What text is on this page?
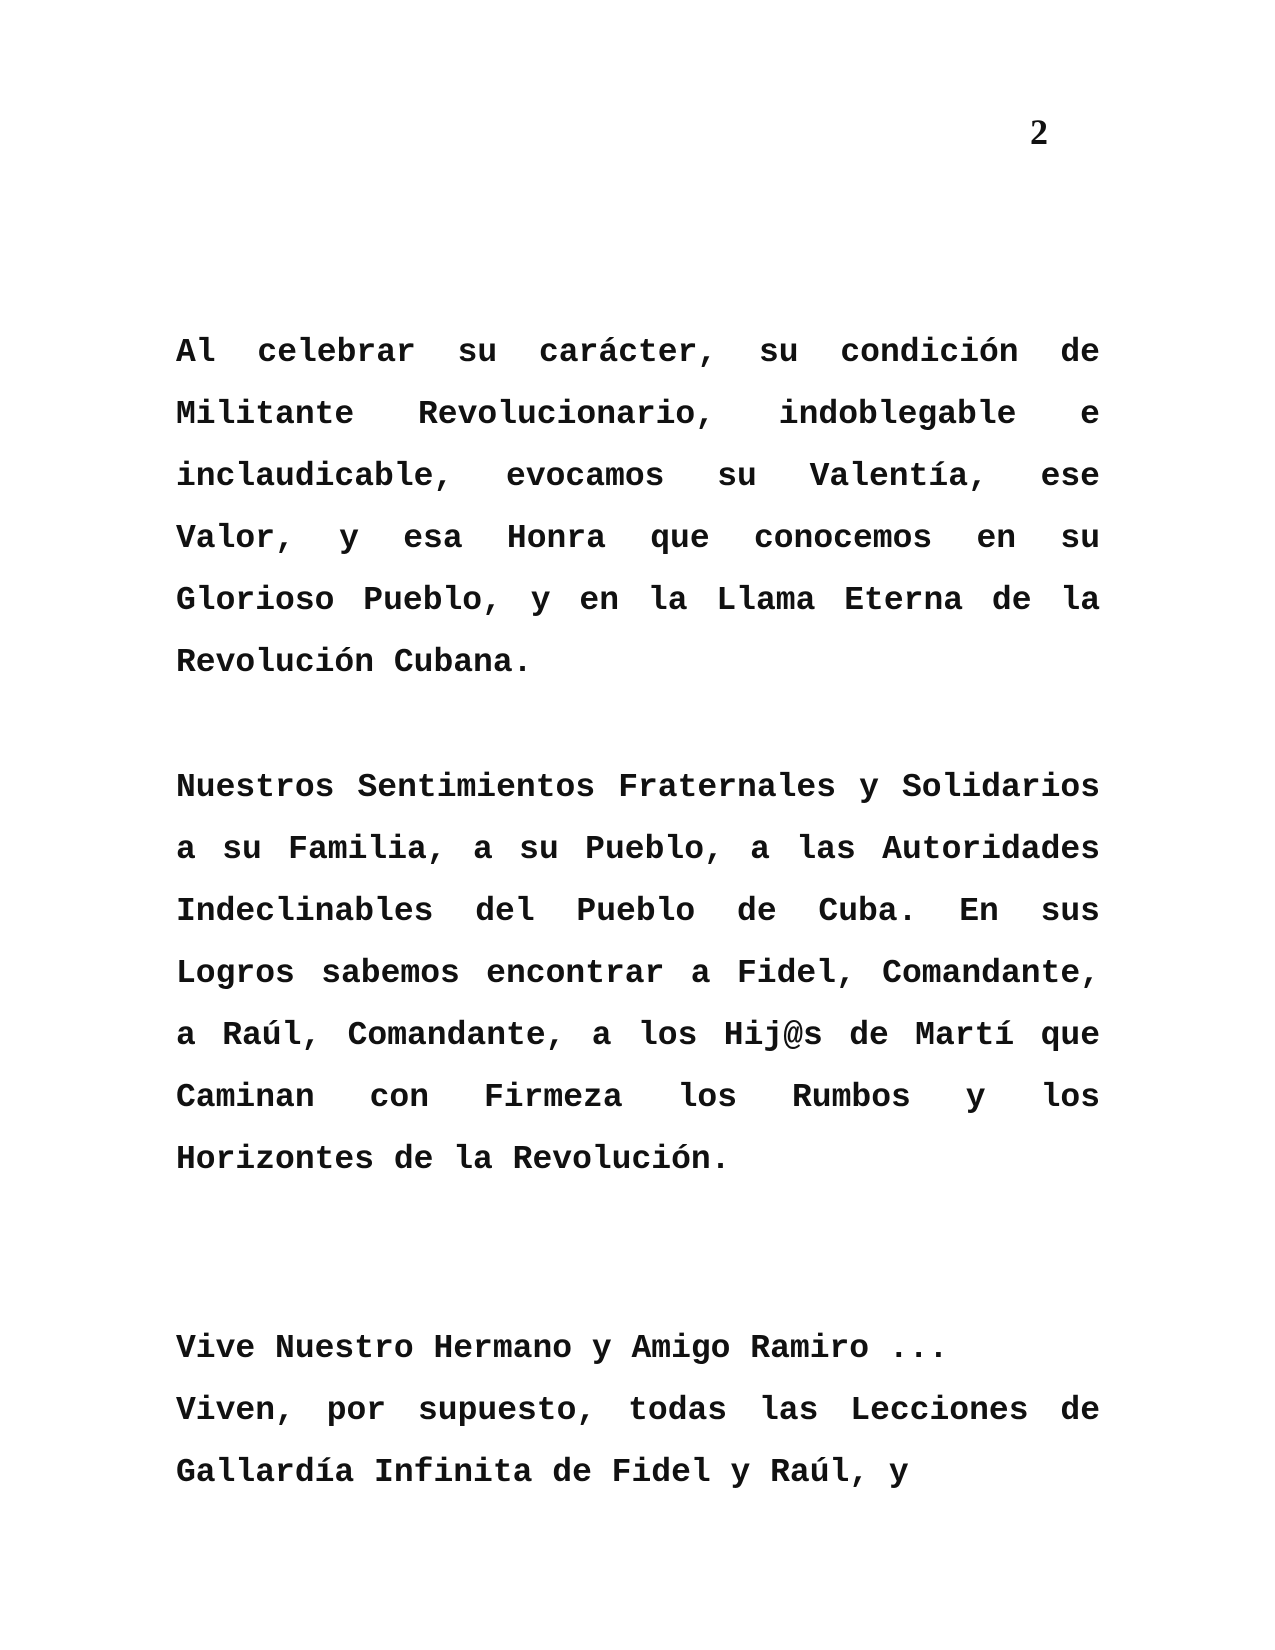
2

Al celebrar su carácter, su condición de Militante Revolucionario, indoblegable e inclaudicable, evocamos su Valentía, ese Valor, y esa Honra que conocemos en su Glorioso Pueblo, y en la Llama Eterna de la Revolución Cubana.

Nuestros Sentimientos Fraternales y Solidarios a su Familia, a su Pueblo, a las Autoridades Indeclinables del Pueblo de Cuba. En sus Logros sabemos encontrar a Fidel, Comandante, a Raúl, Comandante, a los Hij@s de Martí que Caminan con Firmeza los Rumbos y los Horizontes de la Revolución.

Vive Nuestro Hermano y Amigo Ramiro ...
Viven, por supuesto, todas las Lecciones de Gallardía Infinita de Fidel y Raúl, y
